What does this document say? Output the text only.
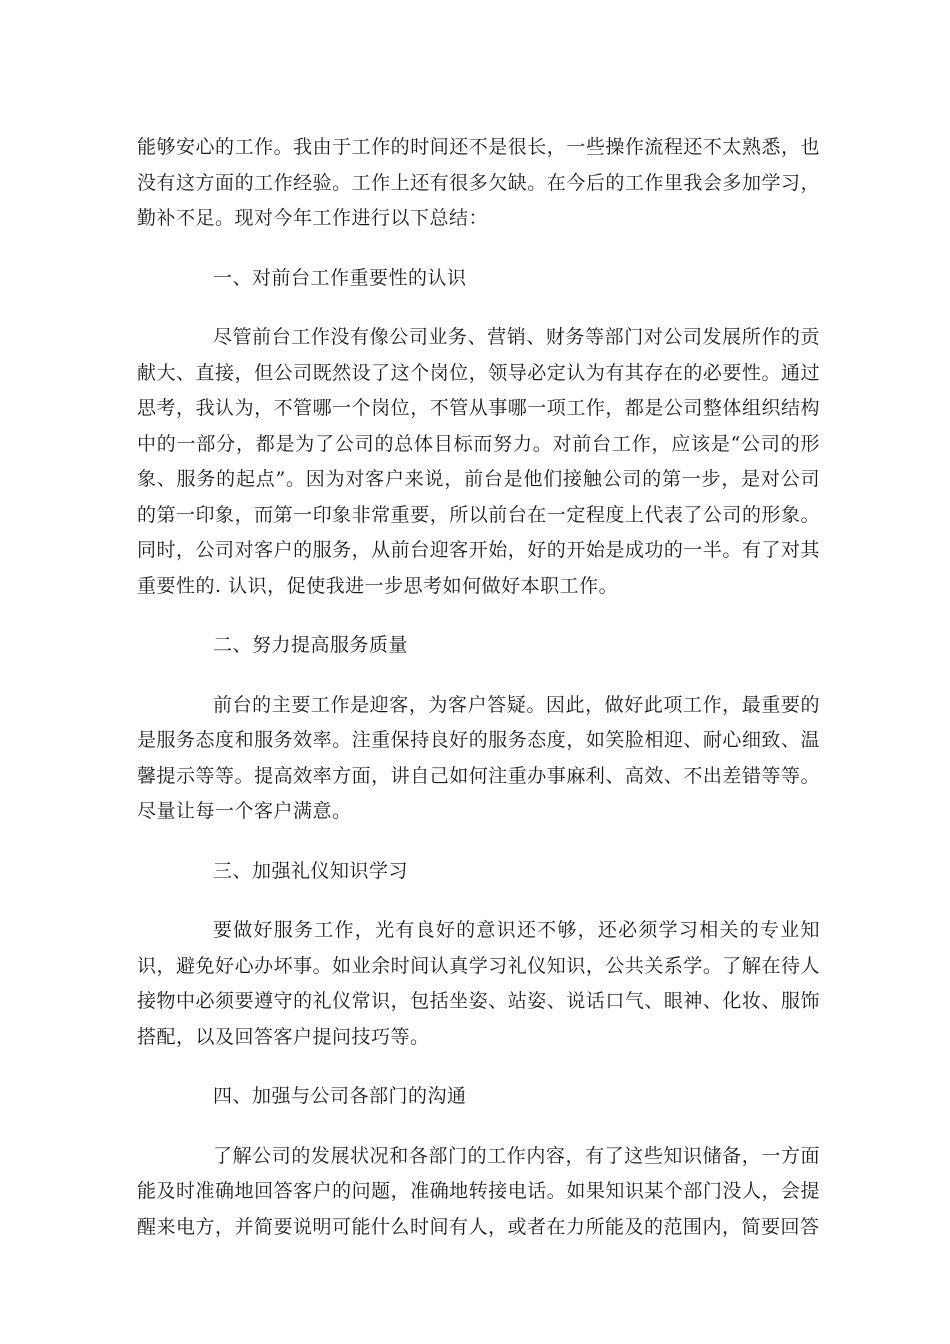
能够安心的工作。我由于工作的时间还不是很长，一些操作流程还不太熟悉，也没有这方面的工作经验。工作上还有很多欠缺。在今后的工作里我会多加学习，勤补不足。现对今年工作进行以下总结：

一、对前台工作重要性的认识

尽管前台工作没有像公司业务、营销、财务等部门对公司发展所作的贡献大、直接，但公司既然设了这个岗位，领导必定认为有其存在的必要性。通过思考，我认为，不管哪一个岗位，不管从事哪一项工作，都是公司整体组织结构中的一部分，都是为了公司的总体目标而努力。对前台工作，应该是“公司的形象、服务的起点”。因为对客户来说，前台是他们接触公司的第一步，是对公司的第一印象，而第一印象非常重要，所以前台在一定程度上代表了公司的形象。同时，公司对客户的服务，从前台迎客开始，好的开始是成功的一半。有了对其重要性的. 认识，促使我进一步思考如何做好本职工作。

二、努力提高服务质量

前台的主要工作是迎客，为客户答疑。因此，做好此项工作，最重要的是服务态度和服务效率。注重保持良好的服务态度，如笑脸相迎、耐心细致、温馨提示等等。提高效率方面，讲自己如何注重办事麻利、高效、不出差错等等。尽量让每一个客户满意。

三、加强礼仪知识学习

要做好服务工作，光有良好的意识还不够，还必须学习相关的专业知识，避免好心办坏事。如业余时间认真学习礼仪知识，公共关系学。了解在待人接物中必须要遵守的礼仪常识，包括坐姿、站姿、说话口气、眼神、化妆、服饰搭配，以及回答客户提问技巧等。

四、加强与公司各部门的沟通

了解公司的发展状况和各部门的工作内容，有了这些知识储备，一方面能及时准确地回答客户的问题，准确地转接电话。如果知识某个部门没人，会提醒来电方，并简要说明可能什么时间有人，或者在力所能及的范围内，简要回答
